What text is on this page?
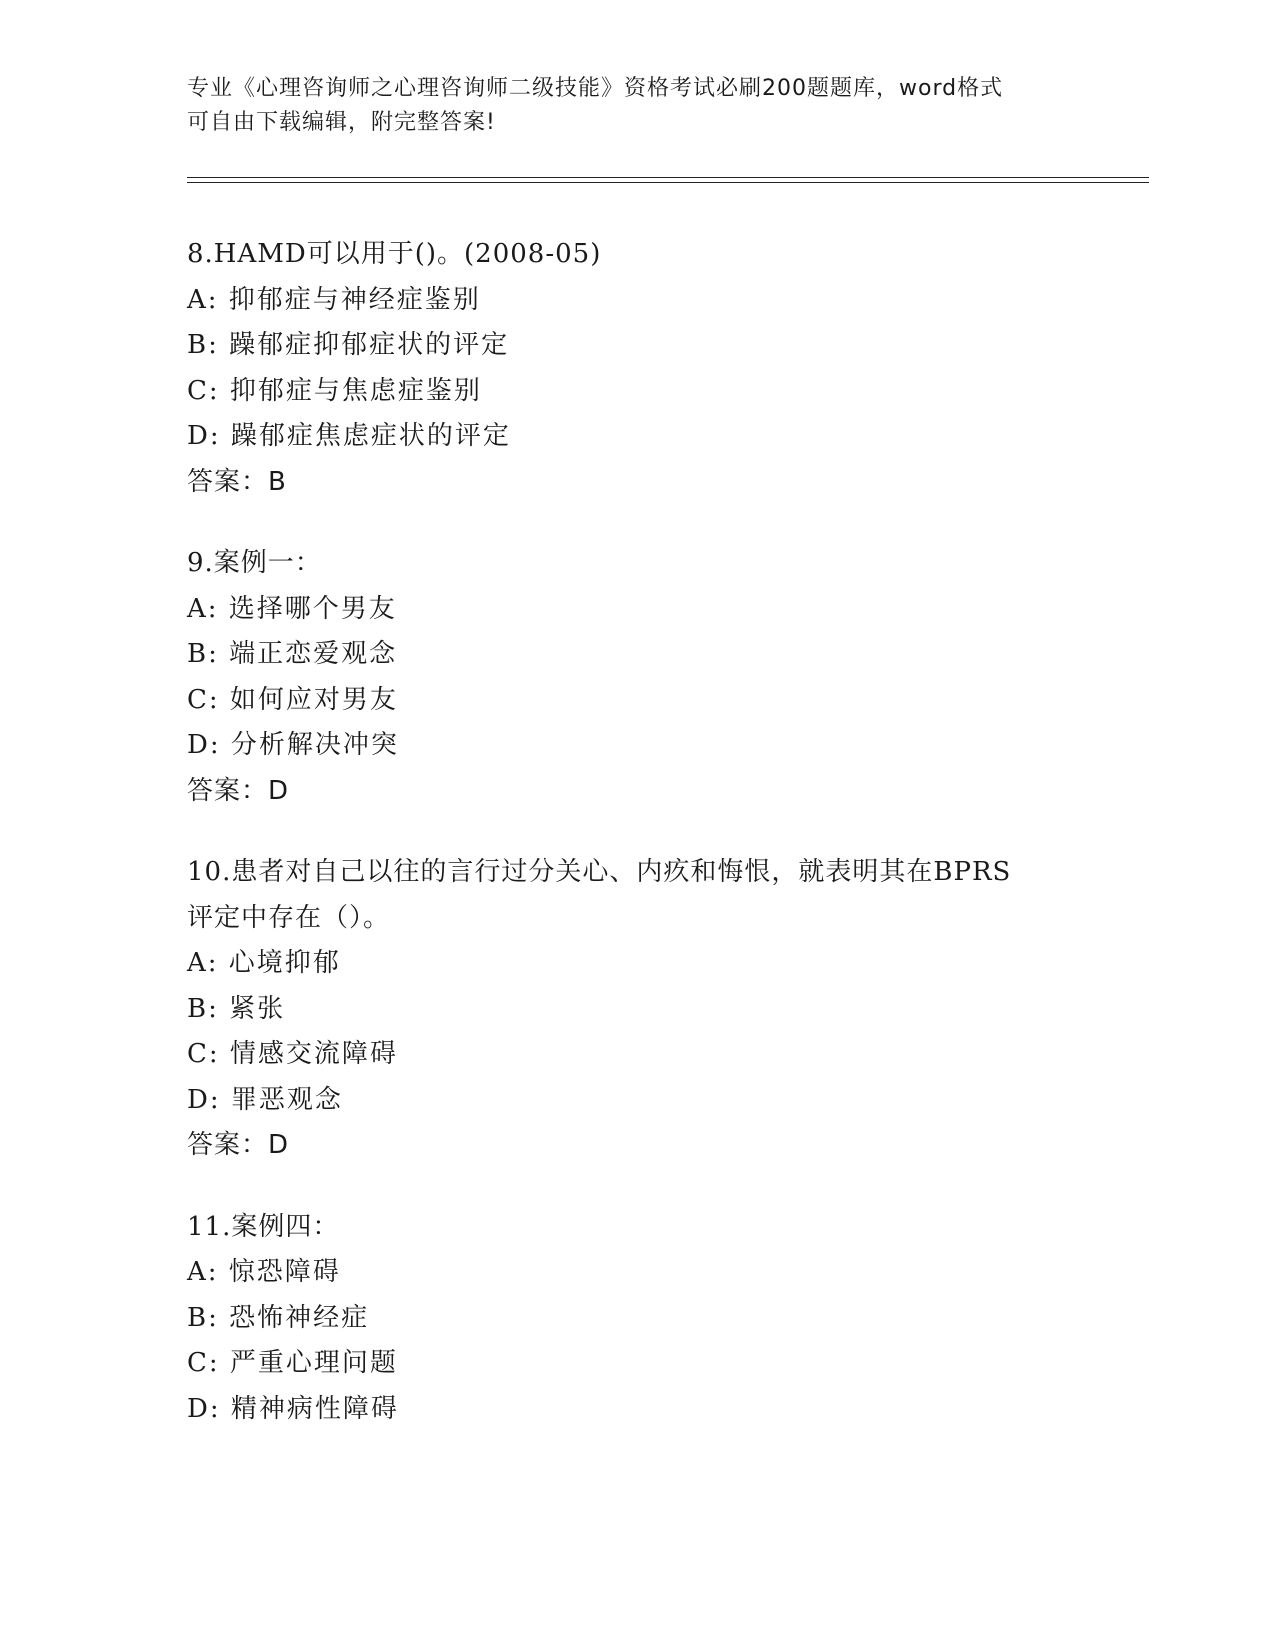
专业《心理咨询师之心理咨询师二级技能》资格考试必刷200题题库，word格式
可自由下载编辑，附完整答案!
8.HAMD可以用于()。(2008-05)
A: 抑郁症与神经症鉴别
B: 躁郁症抑郁症状的评定
C: 抑郁症与焦虑症鉴别
D: 躁郁症焦虑症状的评定
答案：B
9.案例一：
A: 选择哪个男友
B: 端正恋爱观念
C: 如何应对男友
D: 分析解决冲突
答案：D
10.患者对自己以往的言行过分关心、内疚和悔恨，就表明其在BPRS
评定中存在（）。
A: 心境抑郁
B: 紧张
C: 情感交流障碍
D: 罪恶观念
答案：D
11.案例四：
A: 惊恐障碍
B: 恐怖神经症
C: 严重心理问题
D: 精神病性障碍
